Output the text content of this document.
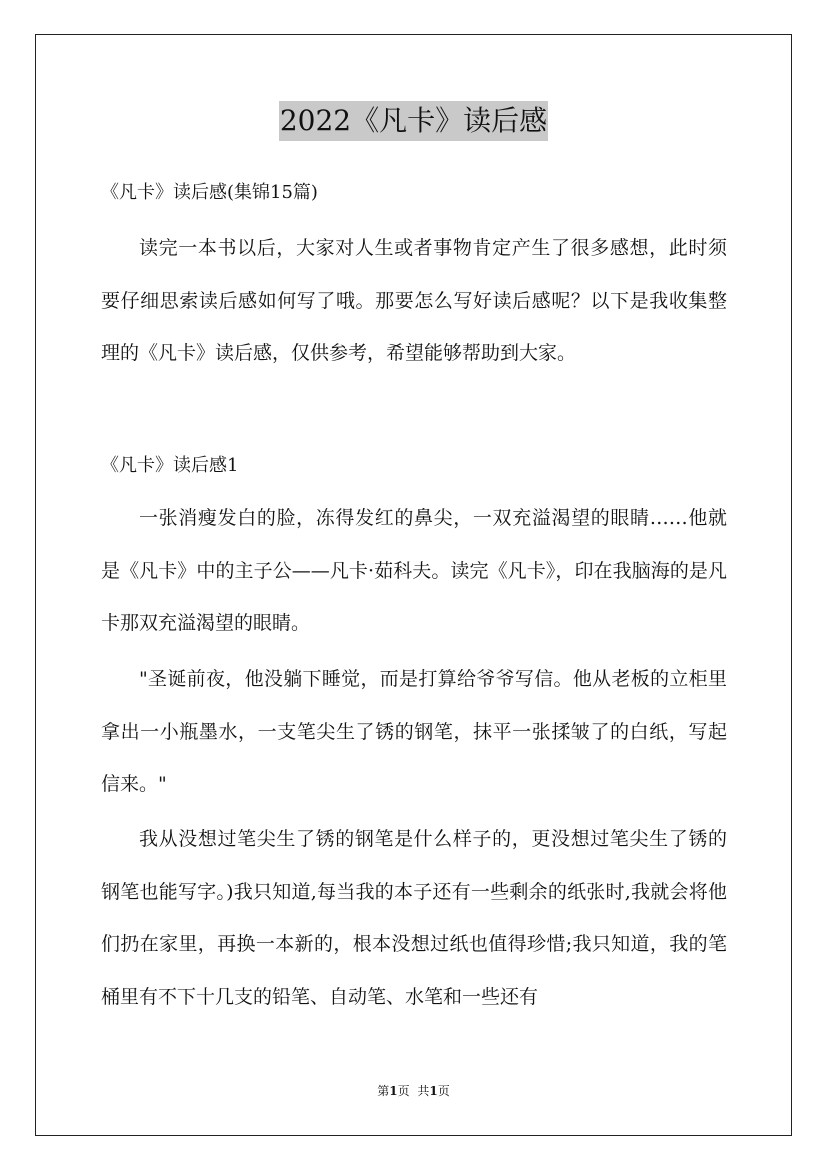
2022《凡卡》读后感
《凡卡》读后感(集锦15篇)

读完一本书以后，大家对人生或者事物肯定产生了很多感想，此时须要仔细思索读后感如何写了哦。那要怎么写好读后感呢？以下是我收集整理的《凡卡》读后感，仅供参考，希望能够帮助到大家。

《凡卡》读后感1

一张消瘦发白的脸，冻得发红的鼻尖，一双充溢渴望的眼睛……他就是《凡卡》中的主子公——凡卡·茹科夫。读完《凡卡》，印在我脑海的是凡卡那双充溢渴望的眼睛。

"圣诞前夜，他没躺下睡觉，而是打算给爷爷写信。他从老板的立柜里拿出一小瓶墨水，一支笔尖生了锈的钢笔，抹平一张揉皱了的白纸，写起信来。"

我从没想过笔尖生了锈的钢笔是什么样子的，更没想过笔尖生了锈的钢笔也能写字。)我只知道,每当我的本子还有一些剩余的纸张时,我就会将他们扔在家里，再换一本新的，根本没想过纸也值得珍惜;我只知道，我的笔桶里有不下十几支的铅笔、自动笔、水笔和一些还有

第1页 共1页
